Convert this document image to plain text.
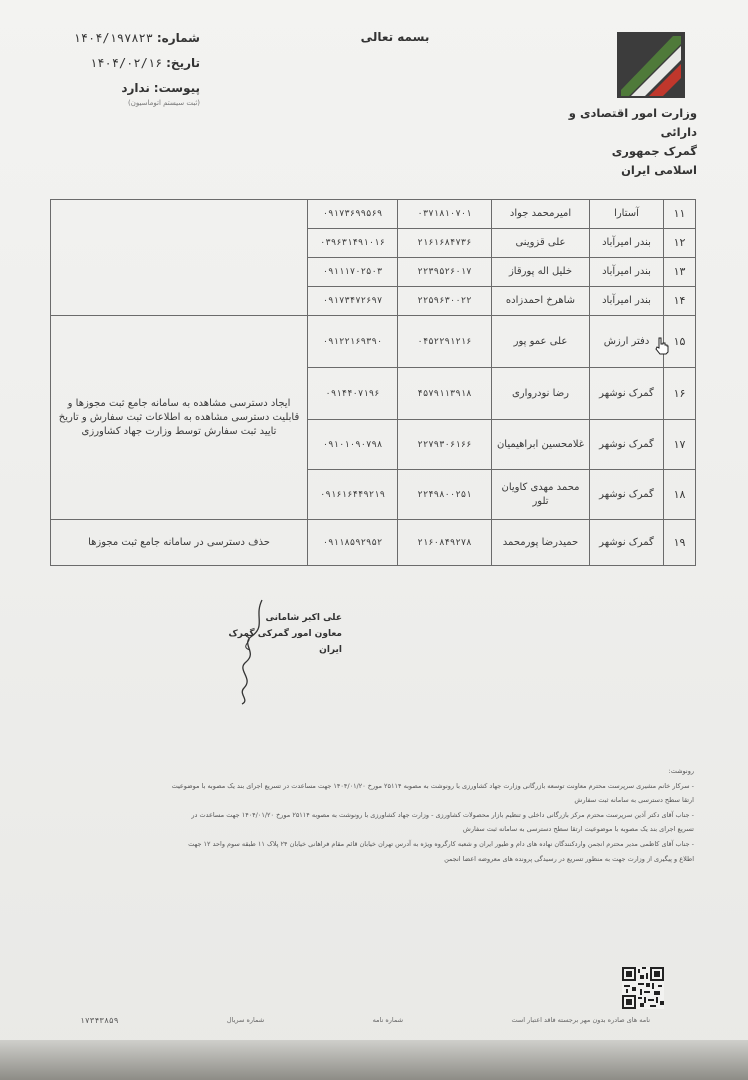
وزارت امور اقتصادی و دارائی
گمرک جمهوری اسلامی ایران
بسمه تعالی
شماره: ۱۴۰۴/۱۹۷۸۲۳
تاریخ: ۱۴۰۴/۰۲/۱۶
پیوست: ندارد
(ثبت سیستم اتوماسیون)
۱۱	آستارا	امیرمحمد جواد	۰۳۷۱۸۱۰۷۰۱	۰۹۱۷۳۶۹۹۵۶۹	
۱۲	بندر امیرآباد	علی قزوینی	۲۱۶۱۶۸۴۷۳۶	۰۳۹۶۳۱۴۹۱۰۱۶	
۱۳	بندر امیرآباد	خلیل اله پورقاز	۲۲۳۹۵۲۶۰۱۷	۰۹۱۱۱۷۰۲۵۰۳	
۱۴	بندر امیرآباد	شاهرخ احمدزاده	۲۲۵۹۶۳۰۰۲۲	۰۹۱۷۳۴۷۲۶۹۷	
۱۵	دفتر ارزش	علی عمو پور	۰۴۵۲۲۹۱۲۱۶	۰۹۱۲۲۱۶۹۳۹۰	ایجاد دسترسی مشاهده به سامانه جامع ثبت مجوزها و قابلیت دسترسی مشاهده به اطلاعات ثبت سفارش و تاریخ تایید ثبت سفارش توسط وزارت جهاد کشاورزی
۱۶	گمرک نوشهر	رضا نودرواری	۴۵۷۹۱۱۳۹۱۸	۰۹۱۴۴۰۷۱۹۶	
۱۷	گمرک نوشهر	غلامحسین ابراهیمیان	۲۲۷۹۳۰۶۱۶۶	۰۹۱۰۱۰۹۰۷۹۸	
۱۸	گمرک نوشهر	محمد مهدی کاویان تلور	۲۲۴۹۸۰۰۲۵۱	۰۹۱۶۱۶۴۴۹۲۱۹	
۱۹	گمرک نوشهر	حمیدرضا پورمحمد	۲۱۶۰۸۴۹۲۷۸	۰۹۱۱۸۵۹۲۹۵۲	حذف دسترسی در سامانه جامع ثبت مجوزها
علی اکبر شامانی
معاون امور گمرکی گمرک ایران
رونوشت:
- سرکار خانم مشیری سرپرست محترم معاونت توسعه بازرگانی وزارت جهاد کشاورزی با رونوشت به مصوبه ۲۵۱۱۴ مورخ ۱۴۰۴/۰۱/۲۰ جهت مساعدت در تسریع اجرای بند یک مصوبه با موضوعیت
ارتقا سطح دسترسی به سامانه ثبت سفارش
- جناب آقای دکتر آذین سرپرست محترم مرکز بازرگانی داخلی و تنظیم بازار محصولات کشاورزی - وزارت جهاد کشاورزی با رونوشت به مصوبه ۲۵۱۱۴ مورخ ۱۴۰۴/۰۱/۲۰ جهت مساعدت در
تسریع اجرای بند یک مصوبه با موضوعیت ارتقا سطح دسترسی به سامانه ثبت سفارش
- جناب آقای کاظمی مدیر محترم انجمن واردکنندگان نهاده های دام و طیور ایران و شعبه کارگروه ویژه به آدرس تهران خیابان قائم مقام فراهانی خیابان ۲۴ پلاک ۱۱ طبقه سوم واحد ۱۲ جهت
اطلاع و پیگیری از وزارت جهت به منظور تسریع در رسیدگی پرونده های معروضه اعضا انجمن
نامه های صادره بدون مهر برجسته فاقد اعتبار است
شماره نامه
شماره سریال
۱۷۳۴۳۸۵۹
